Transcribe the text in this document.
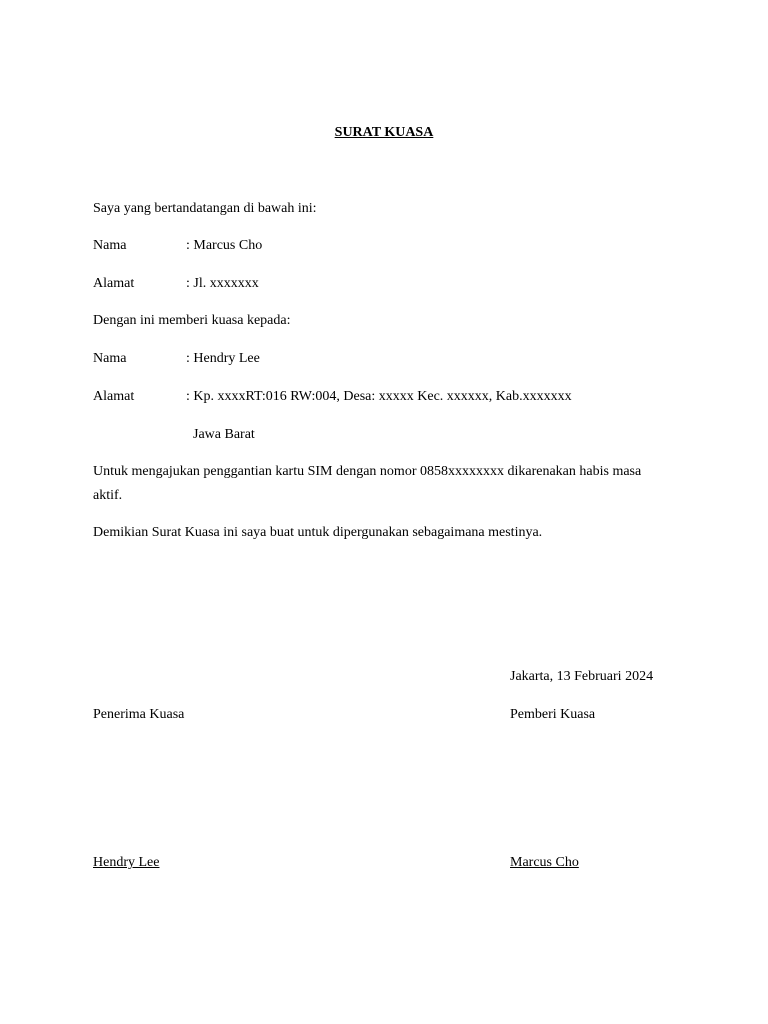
SURAT KUASA
Saya yang bertandatangan di bawah ini:
Nama	: Marcus Cho
Alamat	: Jl. xxxxxxx
Dengan ini memberi kuasa kepada:
Nama	: Hendry Lee
Alamat	: Kp. xxxxRT:016 RW:004, Desa: xxxxx Kec. xxxxxx, Kab.xxxxxxx
Jawa Barat
Untuk mengajukan penggantian kartu SIM dengan nomor 0858xxxxxxxx dikarenakan habis masa aktif.
Demikian Surat Kuasa ini saya buat untuk dipergunakan sebagaimana mestinya.
Jakarta, 13 Februari 2024
Penerima Kuasa	Pemberi Kuasa
Hendry Lee	Marcus Cho
